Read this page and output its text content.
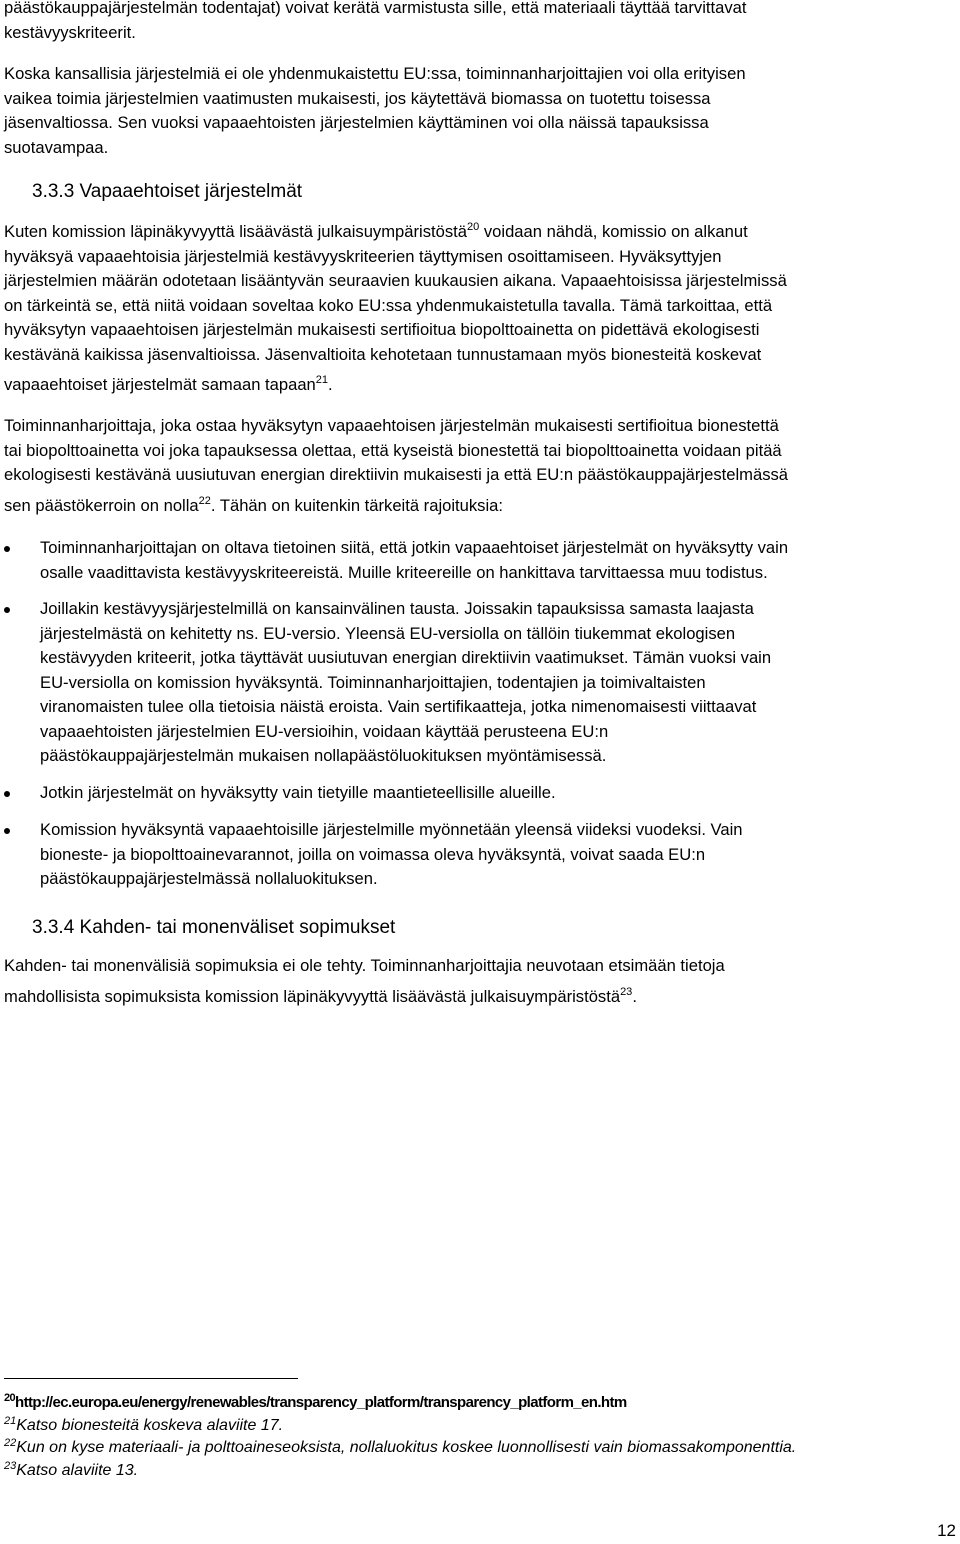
päästökauppajärjestelmän todentajat) voivat kerätä varmistusta sille, että materiaali täyttää tarvittavat
kestävyyskriteerit.
Koska kansallisia järjestelmiä ei ole yhdenmukaistettu EU:ssa, toiminnanharjoittajien voi olla erityisen
vaikea toimia järjestelmien vaatimusten mukaisesti, jos käytettävä biomassa on tuotettu toisessa
jäsenvaltiossa. Sen vuoksi vapaaehtoisten järjestelmien käyttäminen voi olla näissä tapauksissa
suotavampaa.
3.3.3 Vapaaehtoiset järjestelmät
Kuten komission läpinäkyvyyttä lisäävästä julkaisuympäristöstä$^{20}$ voidaan nähdä, komissio on alkanut
hyväksyä vapaaehtoisia järjestelmiä kestävyyskriteerien täyttymisen osoittamiseen. Hyväksyttyjen
järjestelmien määrän odotetaan lisääntyvän seuraavien kuukausien aikana. Vapaaehtoisissa järjestelmissä
on tärkeintä se, että niitä voidaan soveltaa koko EU:ssa yhdenmukaistetulla tavalla. Tämä tarkoittaa, että
hyväksytyn vapaaehtoisen järjestelmän mukaisesti sertifioitua biopolttoainetta on pidettävä ekologisesti
kestävänä kaikissa jäsenvaltioissa. Jäsenvaltioita kehotetaan tunnustamaan myös bionesteitä koskevat
vapaaehtoiset järjestelmät samaan tapaan$^{21}$.
Toiminnanharjoittaja, joka ostaa hyväksytyn vapaaehtoisen järjestelmän mukaisesti sertifioitua bionestettä
tai biopolttoainetta voi joka tapauksessa olettaa, että kyseistä bionestettä tai biopolttoainetta voidaan pitää
ekologisesti kestävänä uusiutuvan energian direktiivin mukaisesti ja että EU:n päästökauppajärjestelmässä
sen päästökerroin on nolla$^{22}$. Tähän on kuitenkin tärkeitä rajoituksia:
Toiminnanharjoittajan on oltava tietoinen siitä, että jotkin vapaaehtoiset järjestelmät on hyväksytty vain
osalle vaadittavista kestävyyskriteereistä. Muille kriteereille on hankittava tarvittaessa muu todistus.
Joillakin kestävyysjärjestelmillä on kansainvälinen tausta. Joissakin tapauksissa samasta laajasta
järjestelmästä on kehitetty ns. EU-versio. Yleensä EU-versiolla on tällöin tiukemmat ekologisen
kestävyyden kriteerit, jotka täyttävät uusiutuvan energian direktiivin vaatimukset. Tämän vuoksi vain
EU-versiolla on komission hyväksyntä. Toiminnanharjoittajien, todentajien ja toimivaltaisten
viranomaisten tulee olla tietoisia näistä eroista. Vain sertifikaatteja, jotka nimenomaisesti viittaavat
vapaaehtoisten järjestelmien EU-versioihin, voidaan käyttää perusteena EU:n
päästökauppajärjestelmän mukaisen nollapäästöluokituksen myöntämisessä.
Jotkin järjestelmät on hyväksytty vain tietyille maantieteellisille alueille.
Komission hyväksyntä vapaaehtoisille järjestelmille myönnetään yleensä viideksi vuodeksi. Vain
bioneste- ja biopolttoainevarannot, joilla on voimassa oleva hyväksyntä, voivat saada EU:n
päästökauppajärjestelmässä nollaluokituksen.
3.3.4 Kahden- tai monenväliset sopimukset
Kahden- tai monenvälisiä sopimuksia ei ole tehty. Toiminnanharjoittajia neuvotaan etsimään tietoja
mahdollisista sopimuksista komission läpinäkyvyyttä lisäävästä julkaisuympäristöstä$^{23}$.
$^{20}$http://ec.europa.eu/energy/renewables/transparency_platform/transparency_platform_en.htm
$^{21}$Katso bionesteitä koskeva alaviite 17.
$^{22}$Kun on kyse materiaali- ja polttoaineseoksista, nollaluokitus koskee luonnollisesti vain biomassakomponenttia.
$^{23}$Katso alaviite 13.
12
